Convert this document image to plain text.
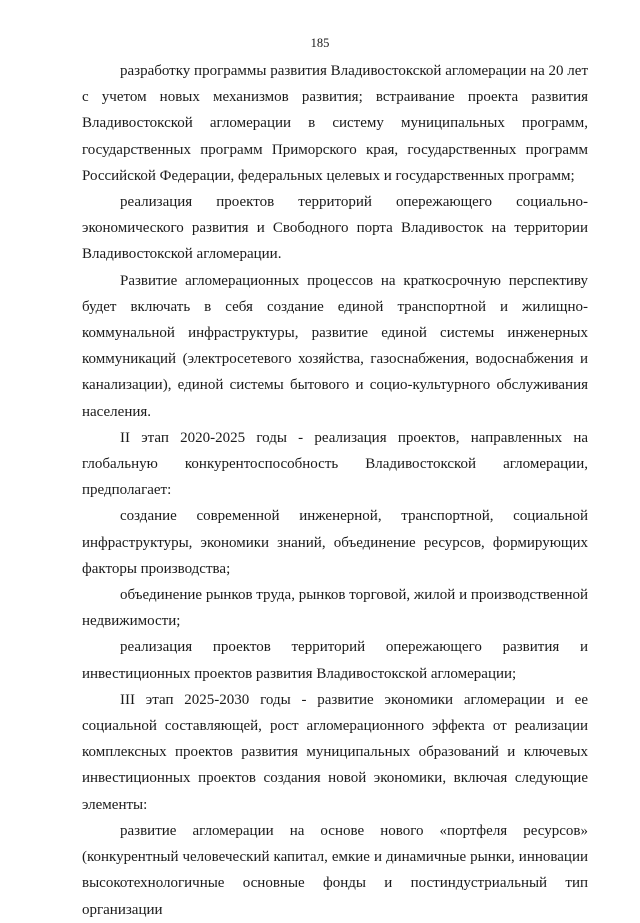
185

разработку программы развития Владивостокской агломерации на 20 лет с учетом новых механизмов развития; встраивание проекта развития Владивостокской агломерации в систему муниципальных программ, государственных программ Приморского края, государственных программ Российской Федерации, федеральных целевых и государственных программ;

реализация проектов территорий опережающего социально-экономического развития и Свободного порта Владивосток на территории Владивостокской агломерации.

Развитие агломерационных процессов на краткосрочную перспективу будет включать в себя создание единой транспортной и жилищно-коммунальной инфраструктуры, развитие единой системы инженерных коммуникаций (электросетевого хозяйства, газоснабжения, водоснабжения и канализации), единой системы бытового и социо-культурного обслуживания населения.

II этап 2020-2025 годы - реализация проектов, направленных на глобальную конкурентоспособность Владивостокской агломерации, предполагает:

создание современной инженерной, транспортной, социальной инфраструктуры, экономики знаний, объединение ресурсов, формирующих факторы производства;

объединение рынков труда, рынков торговой, жилой и производственной недвижимости;

реализация проектов территорий опережающего развития и инвестиционных проектов развития Владивостокской агломерации;

III этап 2025-2030 годы - развитие экономики агломерации и ее социальной составляющей, рост агломерационного эффекта от реализации комплексных проектов развития муниципальных образований и ключевых инвестиционных проектов создания новой экономики, включая следующие элементы:

развитие агломерации на основе нового «портфеля ресурсов» (конкурентный человеческий капитал, емкие и динамичные рынки, инновации высокотехнологичные основные фонды и постиндустриальный тип организации
